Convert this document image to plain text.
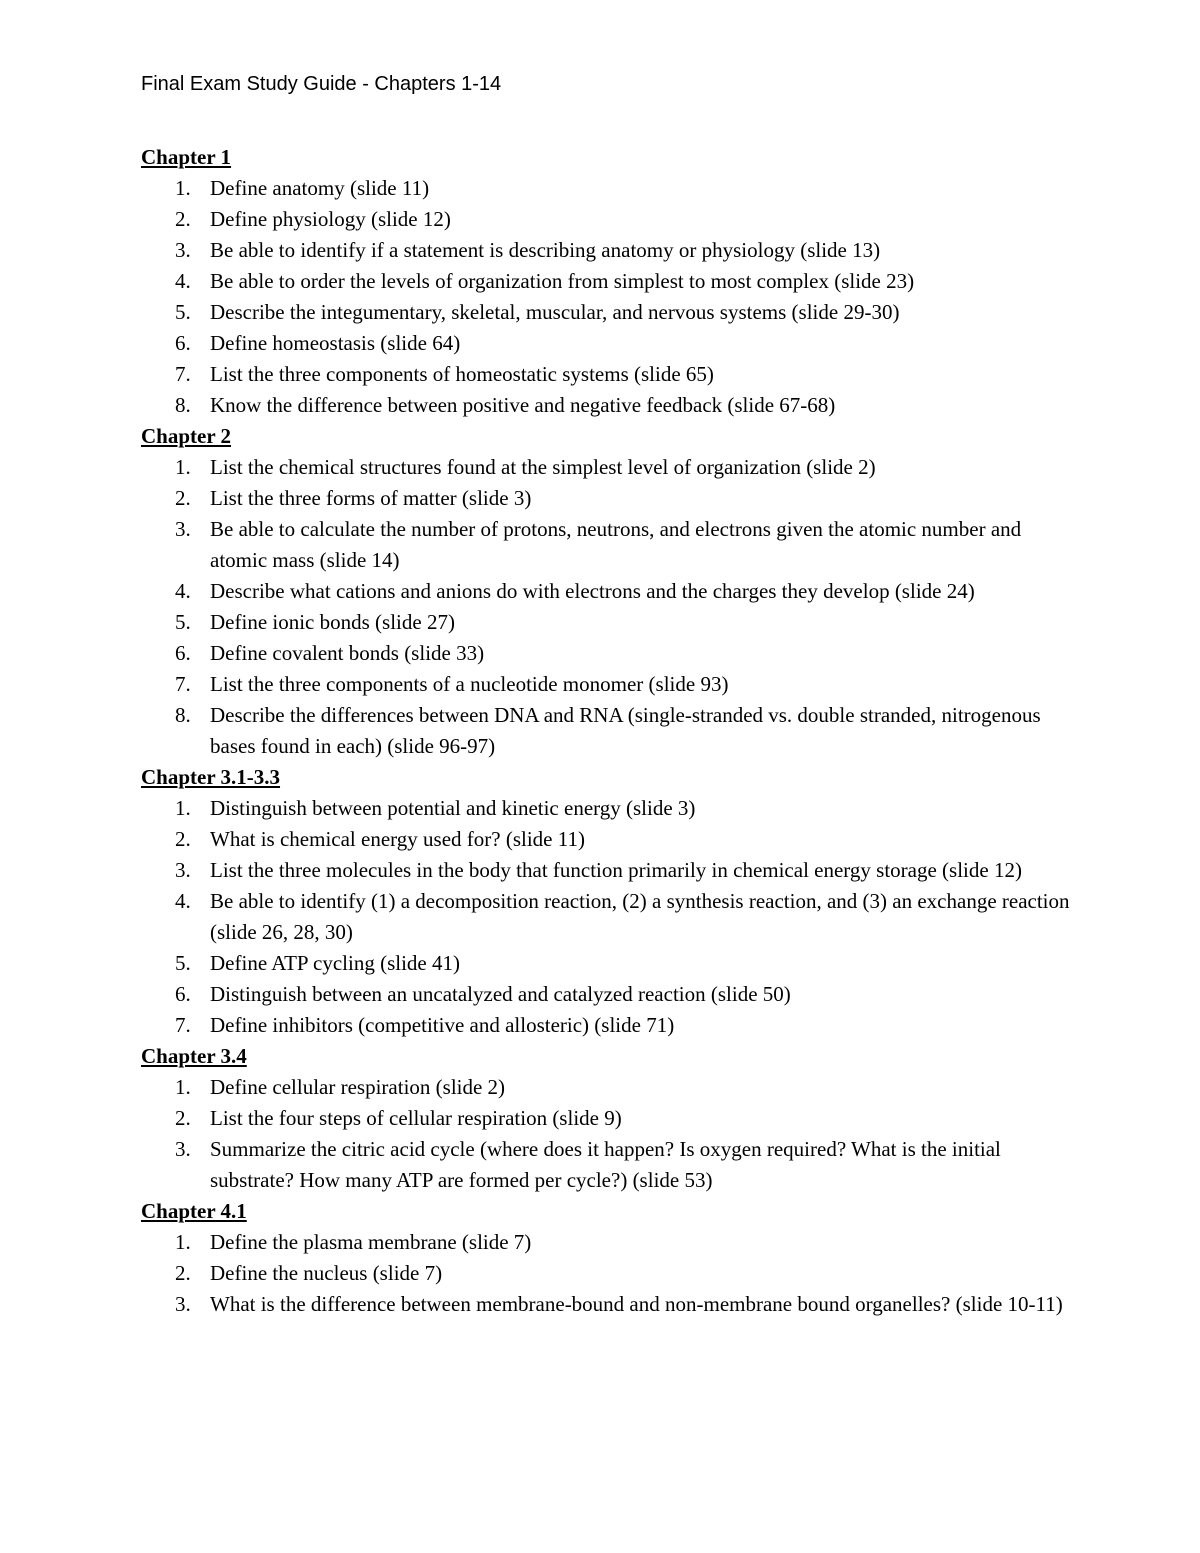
Final Exam Study Guide - Chapters 1-14
Chapter 1
1. Define anatomy (slide 11)
2. Define physiology (slide 12)
3. Be able to identify if a statement is describing anatomy or physiology (slide 13)
4. Be able to order the levels of organization from simplest to most complex (slide 23)
5. Describe the integumentary, skeletal, muscular, and nervous systems (slide 29-30)
6. Define homeostasis (slide 64)
7. List the three components of homeostatic systems (slide 65)
8. Know the difference between positive and negative feedback (slide 67-68)
Chapter 2
1. List the chemical structures found at the simplest level of organization (slide 2)
2. List the three forms of matter (slide 3)
3. Be able to calculate the number of protons, neutrons, and electrons given the atomic number and atomic mass (slide 14)
4. Describe what cations and anions do with electrons and the charges they develop (slide 24)
5. Define ionic bonds (slide 27)
6. Define covalent bonds (slide 33)
7. List the three components of a nucleotide monomer (slide 93)
8. Describe the differences between DNA and RNA (single-stranded vs. double stranded, nitrogenous bases found in each) (slide 96-97)
Chapter 3.1-3.3
1. Distinguish between potential and kinetic energy (slide 3)
2. What is chemical energy used for? (slide 11)
3. List the three molecules in the body that function primarily in chemical energy storage (slide 12)
4. Be able to identify (1) a decomposition reaction, (2) a synthesis reaction, and (3) an exchange reaction (slide 26, 28, 30)
5. Define ATP cycling (slide 41)
6. Distinguish between an uncatalyzed and catalyzed reaction (slide 50)
7. Define inhibitors (competitive and allosteric) (slide 71)
Chapter 3.4
1. Define cellular respiration (slide 2)
2. List the four steps of cellular respiration (slide 9)
3. Summarize the citric acid cycle (where does it happen? Is oxygen required? What is the initial substrate? How many ATP are formed per cycle?) (slide 53)
Chapter 4.1
1. Define the plasma membrane (slide 7)
2. Define the nucleus (slide 7)
3. What is the difference between membrane-bound and non-membrane bound organelles? (slide 10-11)
